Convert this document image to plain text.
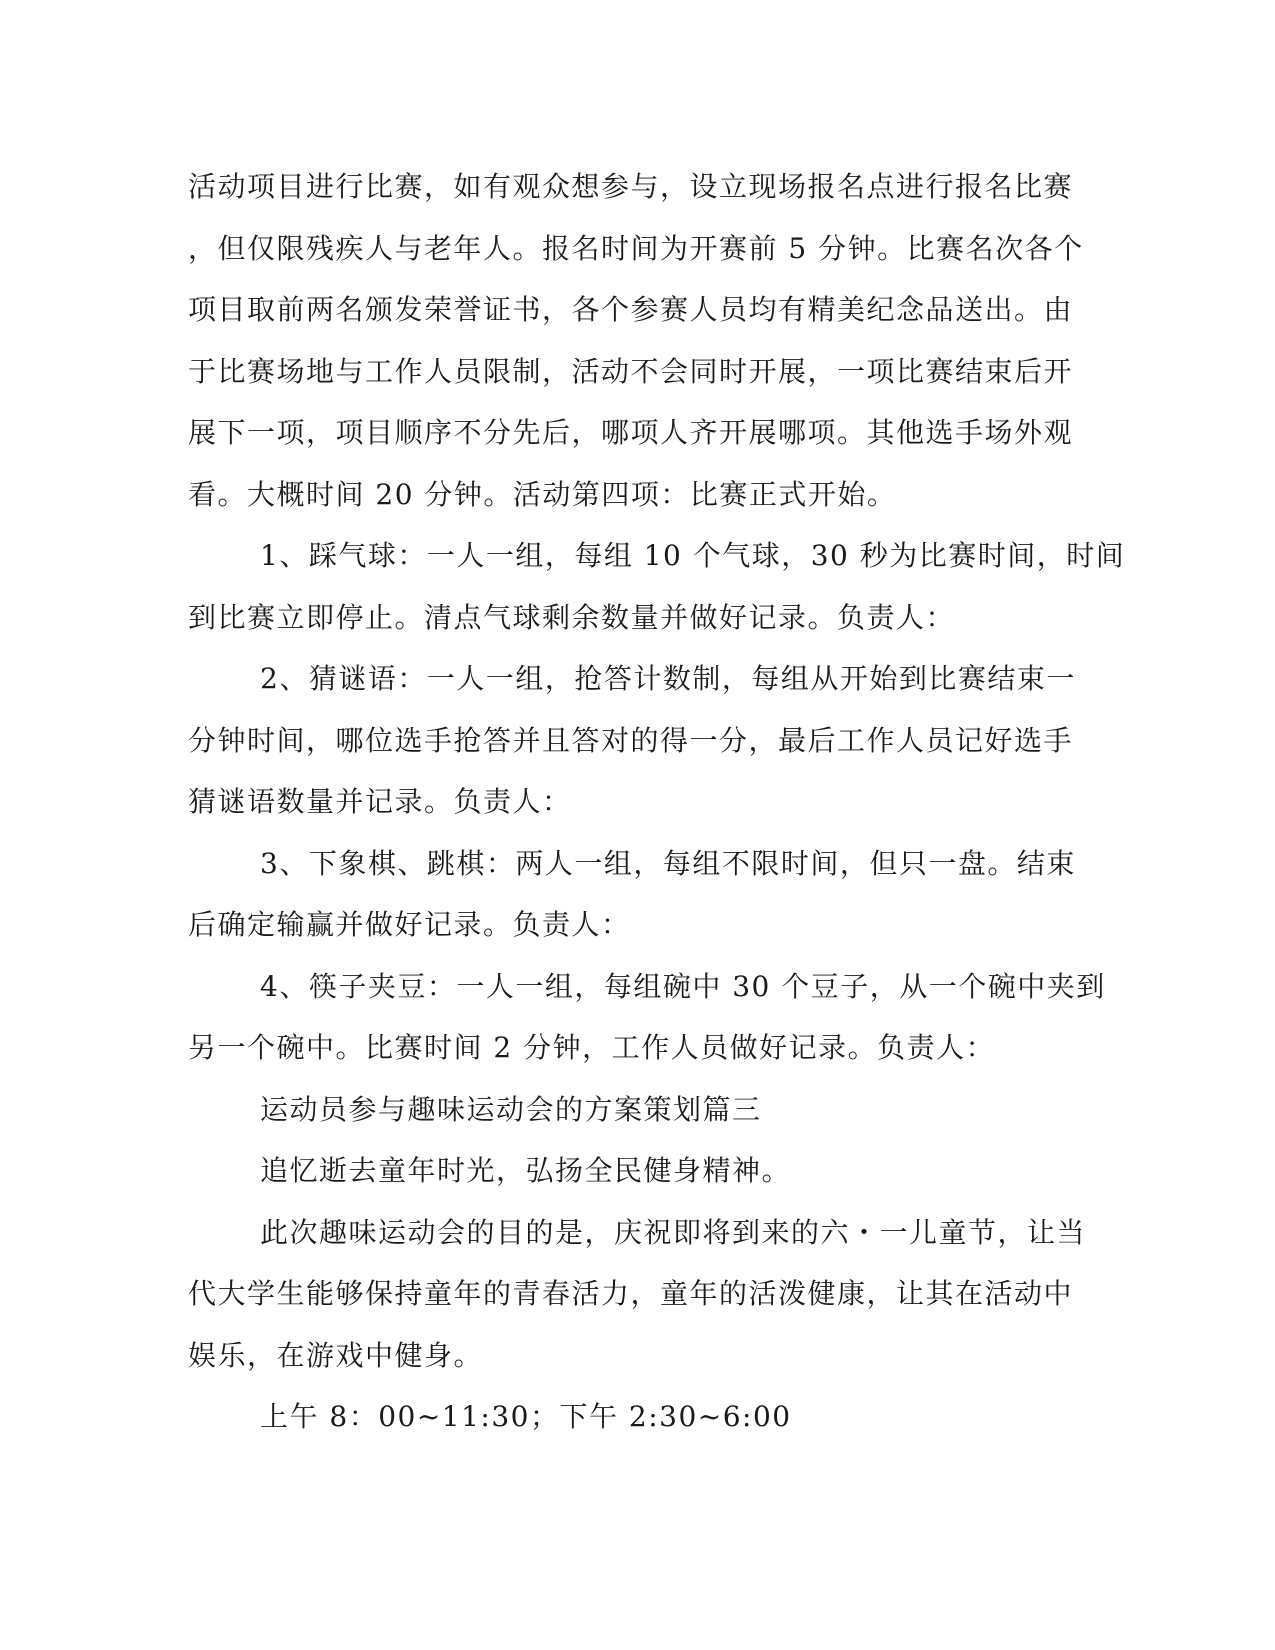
活动项目进行比赛，如有观众想参与，设立现场报名点进行报名比赛

，但仅限残疾人与老年人。报名时间为开赛前 5 分钟。比赛名次各个

项目取前两名颁发荣誉证书，各个参赛人员均有精美纪念品送出。由

于比赛场地与工作人员限制，活动不会同时开展，一项比赛结束后开

展下一项，项目顺序不分先后，哪项人齐开展哪项。其他选手场外观

看。大概时间 20 分钟。活动第四项：比赛正式开始。

1、踩气球：一人一组，每组 10 个气球，30 秒为比赛时间，时间

到比赛立即停止。清点气球剩余数量并做好记录。负责人：

2、猜谜语：一人一组，抢答计数制，每组从开始到比赛结束一

分钟时间，哪位选手抢答并且答对的得一分，最后工作人员记好选手

猜谜语数量并记录。负责人：

3、下象棋、跳棋：两人一组，每组不限时间，但只一盘。结束

后确定输赢并做好记录。负责人：

4、筷子夹豆：一人一组，每组碗中 30 个豆子，从一个碗中夹到

另一个碗中。比赛时间 2 分钟，工作人员做好记录。负责人：

运动员参与趣味运动会的方案策划篇三

追忆逝去童年时光，弘扬全民健身精神。

此次趣味运动会的目的是，庆祝即将到来的六・一儿童节，让当

代大学生能够保持童年的青春活力，童年的活泼健康，让其在活动中

娱乐，在游戏中健身。

上午 8：00~11:30；下午 2:30~6:00
